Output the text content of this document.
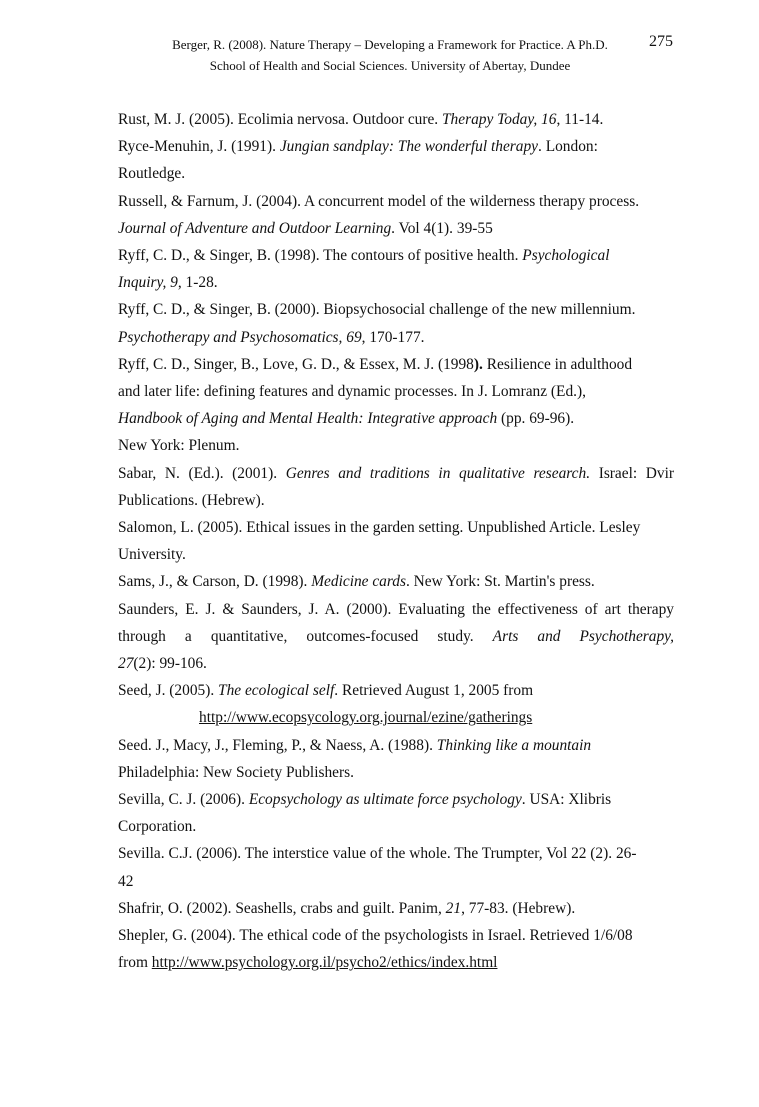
Berger, R. (2008). Nature Therapy – Developing a Framework for Practice. A Ph.D.
School of Health and Social Sciences. University of Abertay, Dundee
275

Rust, M. J. (2005). Ecolimia nervosa. Outdoor cure. Therapy Today, 16, 11-14.

Ryce-Menuhin, J. (1991). Jungian sandplay: The wonderful therapy. London:
Routledge.

Russell, & Farnum, J. (2004). A concurrent model of the wilderness therapy process.
Journal of Adventure and Outdoor Learning. Vol 4(1). 39-55

Ryff, C. D., & Singer, B. (1998). The contours of positive health. Psychological
Inquiry, 9, 1-28.

Ryff, C. D., & Singer, B. (2000). Biopsychosocial challenge of the new millennium.
Psychotherapy and Psychosomatics, 69, 170-177.

Ryff, C. D., Singer, B., Love, G. D., & Essex, M. J. (1998). Resilience in adulthood
and later life: defining features and dynamic processes. In J. Lomranz (Ed.),
Handbook of Aging and Mental Health: Integrative approach (pp. 69-96).
New York: Plenum.

Sabar, N. (Ed.). (2001). Genres and traditions in qualitative research. Israel: Dvir
Publications. (Hebrew).

Salomon, L. (2005). Ethical issues in the garden setting. Unpublished Article. Lesley
University.

Sams, J., & Carson, D. (1998). Medicine cards. New York: St. Martin's press.

Saunders, E. J. & Saunders, J. A. (2000). Evaluating the effectiveness of art therapy
through a quantitative, outcomes-focused study. Arts and Psychotherapy,
27(2): 99-106.

Seed, J. (2005). The ecological self. Retrieved August 1, 2005 from
http://www.ecopsycology.org.journal/ezine/gatherings

Seed. J., Macy, J., Fleming, P., & Naess, A. (1988). Thinking like a mountain
Philadelphia: New Society Publishers.

Sevilla, C. J. (2006). Ecopsychology as ultimate force psychology. USA: Xlibris
Corporation.

Sevilla. C.J. (2006). The interstice value of the whole. The Trumpter, Vol 22 (2). 26-
42

Shafrir, O. (2002). Seashells, crabs and guilt. Panim, 21, 77-83. (Hebrew).

Shepler, G. (2004). The ethical code of the psychologists in Israel. Retrieved 1/6/08
from http://www.psychology.org.il/psycho2/ethics/index.html
